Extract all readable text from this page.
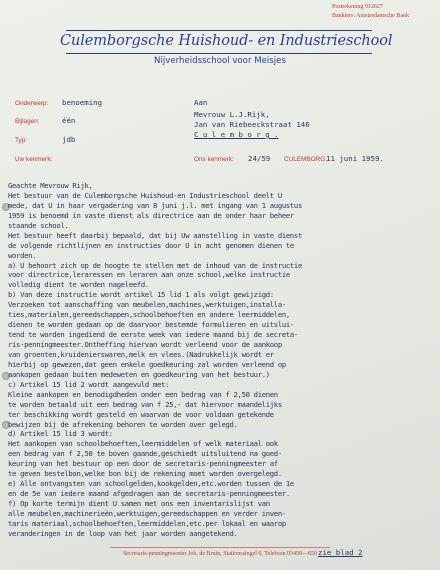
Postrekening 912627
Bankiers: Amsterdamsche Bank
Culemborgsche Huishoud- en Industrieschool
Nijverheidsschool voor Meisjes
Onderwerp: benoeming
Bijlagen:	één
Typ:	jdb
Uw kenmerk:
Aan
Mevrouw L.J.Rijk,
Jan van Riebeeckstraat 146
C u l e m b o r g .
Ons kenmerk: 24/59 CULEMBORG, 11 juni 1959.
Geachte Mevrouw Rijk,
Het bestuur van de Culemborgsche Huishoud-en Industrieschool deelt U
mede, dat U in haar vergadering van 8 juni j.l. met ingang van 1 augustus
1959 is benoemd in vaste dienst als directrice aan de onder haar beheer
staande school.
Het bestuur heeft daarbij bepaald, dat bij Uw aanstelling in vaste dienst
de volgende richtlijnen en instructies door U in acht genomen dienen te
worden.
a) U behoort zich op de hoogte te stellen met de inhoud van de instructie
voor directrice,leraressen en leraren aan onze school,welke instructie
volledig dient te worden nageleefd.
b) Van deze instructie wordt artikel 15 lid 1 als volgt gewijzigd:
Verzoeken tot aanschaffing van meubelen,machines,werktuigen,installa-
ties,materialen,gereedschappen,schoolbehoeften en andere leermiddelen,
dienen te worden gedaan op de daarvoor bestemde formulieren en uitslui-
tend te worden ingediend de eerste week van iedere maand bij de secreta-
ris-penningmeester.Ontheffing hiervan wordt verleend voor de aankoop
van groenten,kruidenierswaren,melk en vlees.(Nadrukkelijk wordt er
hierbij op gewezen,dat geen enkele goedkeuring zal worden verleend op
aankopen gedaan buiten medeweten en goedkeuring van het bestuur.)
c) Artikel 15 lid 2 wordt aangevuld met:
Kleine aankopen en benodigdheden onder een bedrag van f 2,50 dienen
te worden betaald uit een bedrag van f 25,- dat hiervoor maandelijks
ter beschikking wordt gesteld en waarvan de voor voldaan getekende
bewijzen bij de afrekening behoren te worden over gelegd.
d) Artikel 15 lid 3 wordt:
Het aankopen van schoolbehoeften,leermiddelen of welk materiaal ook
een bedrag van f 2,50 te boven gaande,geschiedt uitsluitend na goed-
keuring van het bestuur op een door de secretaris-penningmeester af
te geven bestelbon,welke bon bij de rekening moet worden overgelegd.
e) Alle ontvangsten van schoolgelden,kookgelden,etc.worden tussen de 1e
en de 5e van iedere maand afgedragen aan de secretaris-penningmeester.
f) Op korte termijn dient U samen met ons een inventarislijst van
alle meubelen,machinerieën,werktuigen,gereedschappen en verder inven-
taris materiaal,schoolbehoeften,leermiddelen,etc.per lokaal en waarop
veranderingen in de loop van het jaar worden aangetekend.
zie blad 2
Secretaris-penningmeester Joh. de Bruin, Stationssingel 6, Telefoon 03450—650
